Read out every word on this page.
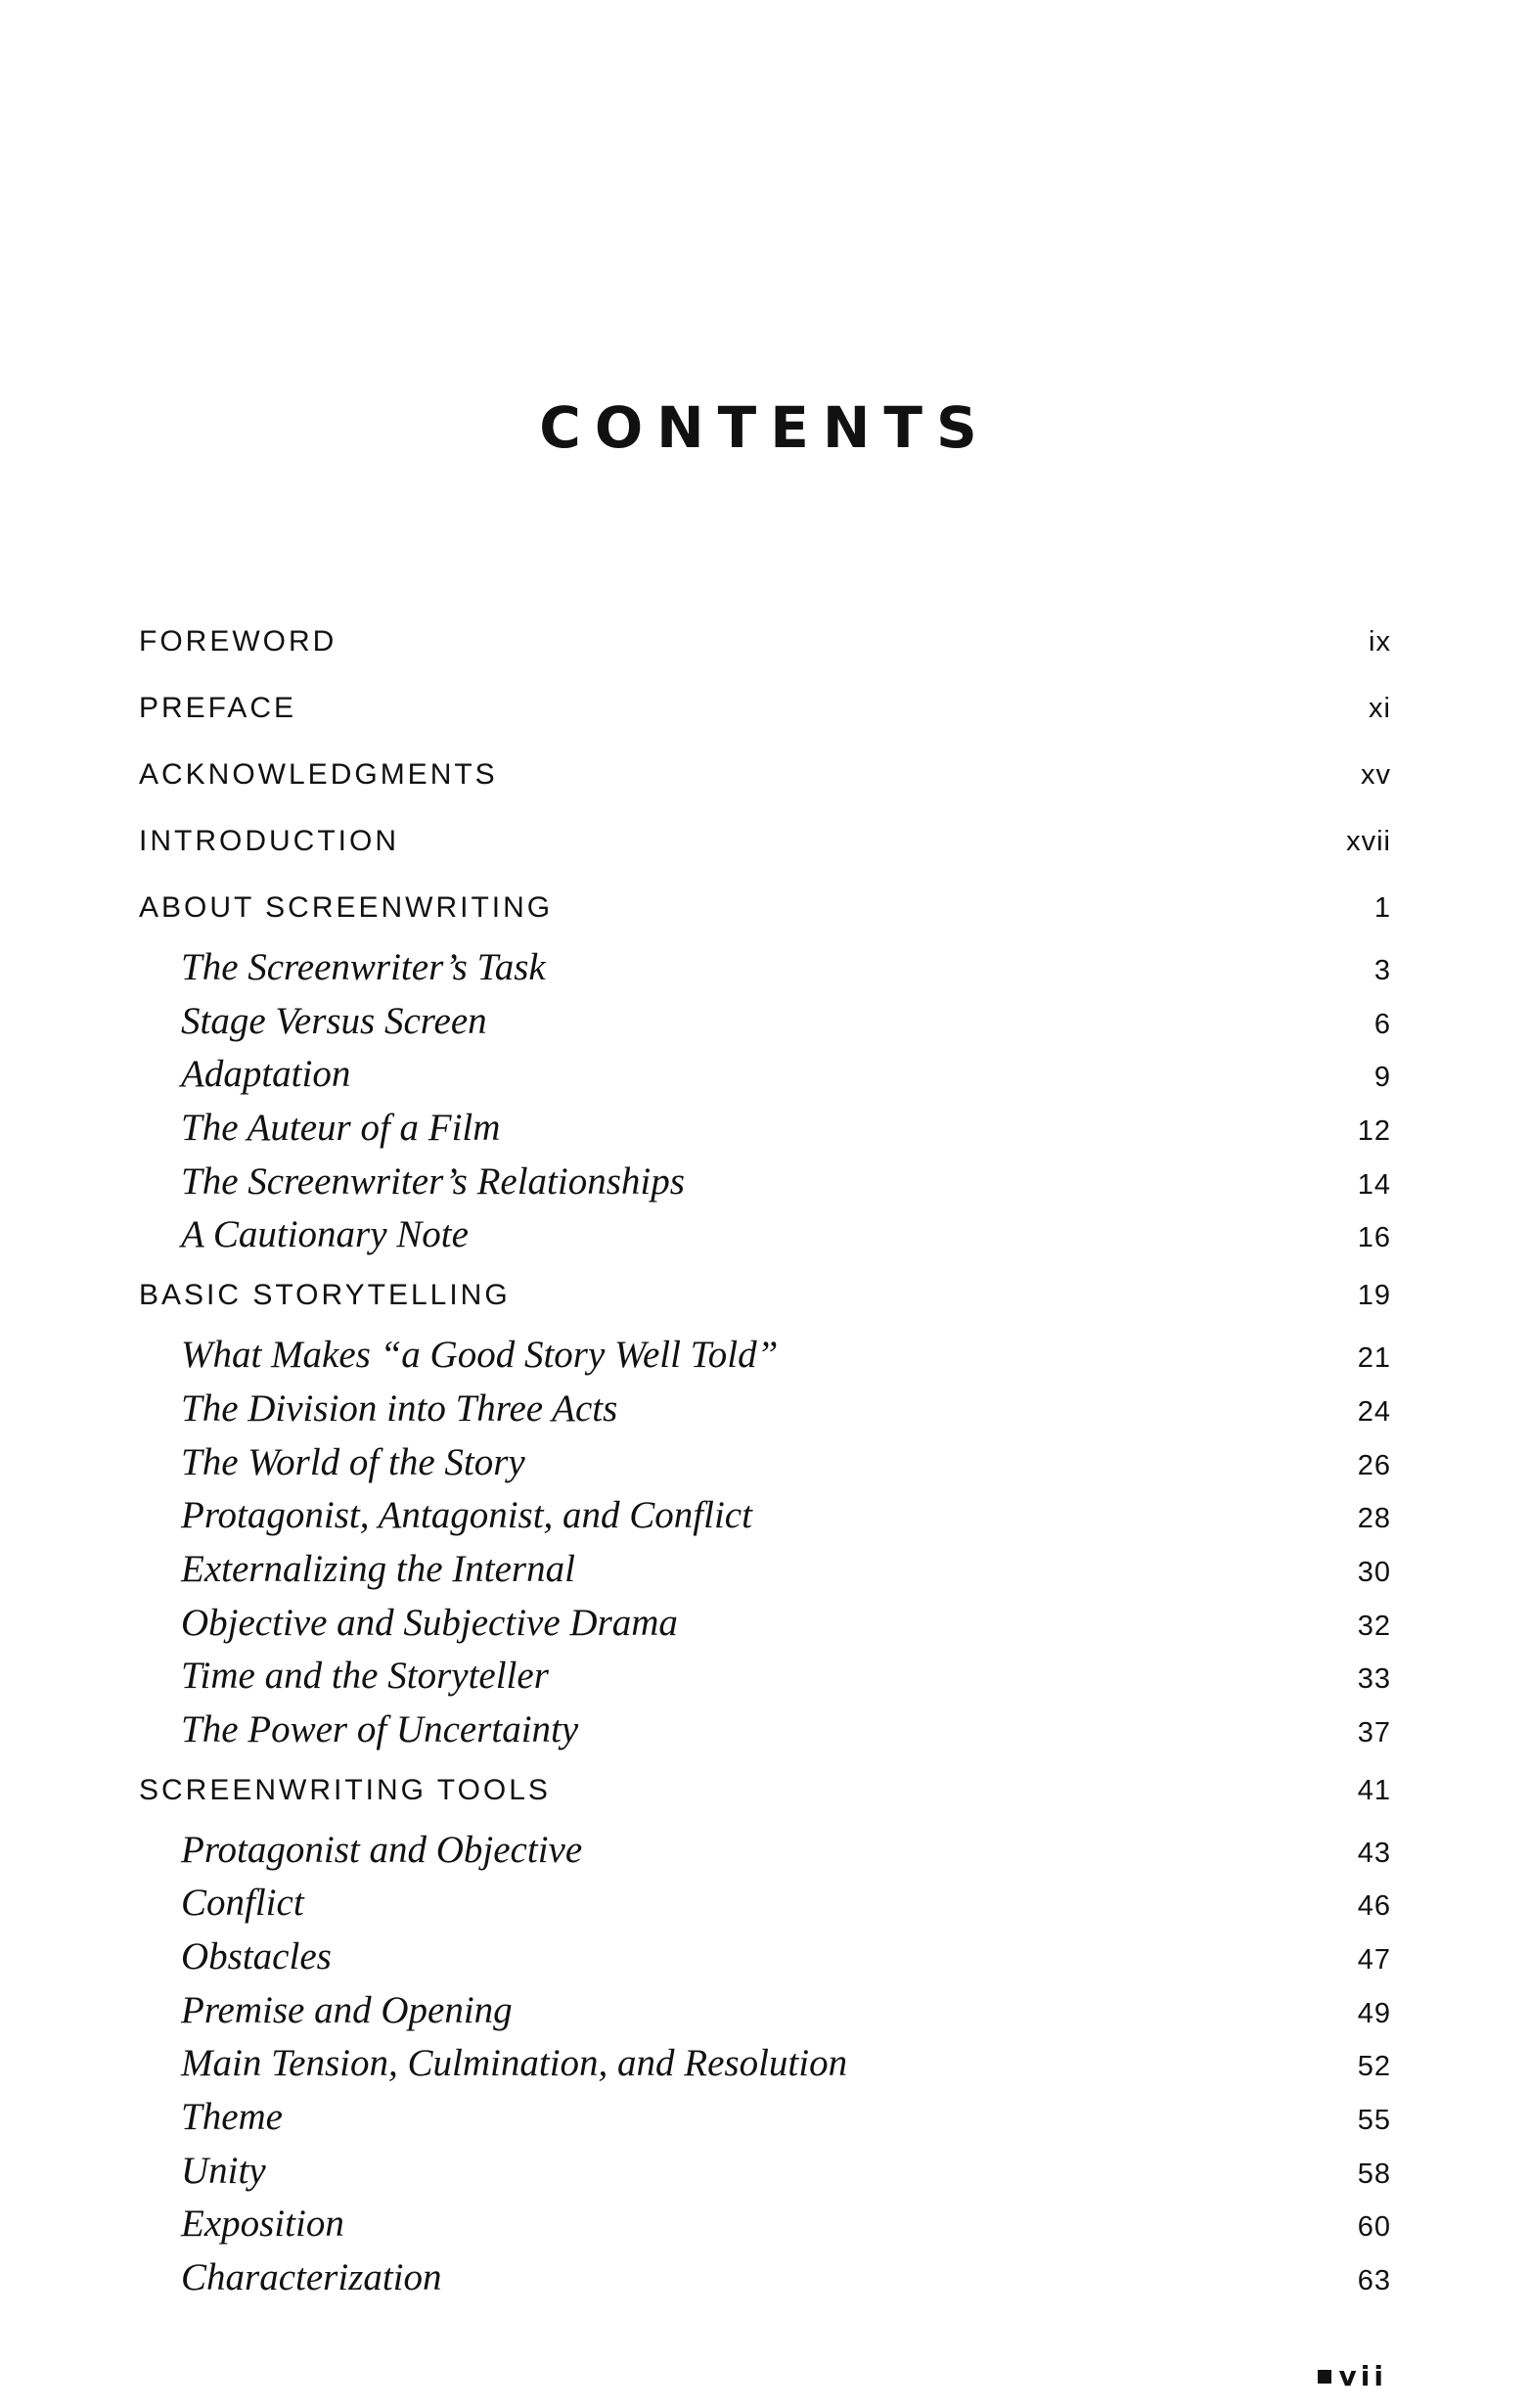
CONTENTS
FOREWORD	ix
PREFACE	xi
ACKNOWLEDGMENTS	xv
INTRODUCTION	xvii
ABOUT SCREENWRITING	1
The Screenwriter’s Task	3
Stage Versus Screen	6
Adaptation	9
The Auteur of a Film	12
The Screenwriter’s Relationships	14
A Cautionary Note	16
BASIC STORYTELLING	19
What Makes “a Good Story Well Told”	21
The Division into Three Acts	24
The World of the Story	26
Protagonist, Antagonist, and Conflict	28
Externalizing the Internal	30
Objective and Subjective Drama	32
Time and the Storyteller	33
The Power of Uncertainty	37
SCREENWRITING TOOLS	41
Protagonist and Objective	43
Conflict	46
Obstacles	47
Premise and Opening	49
Main Tension, Culmination, and Resolution	52
Theme	55
Unity	58
Exposition	60
Characterization	63
vii
